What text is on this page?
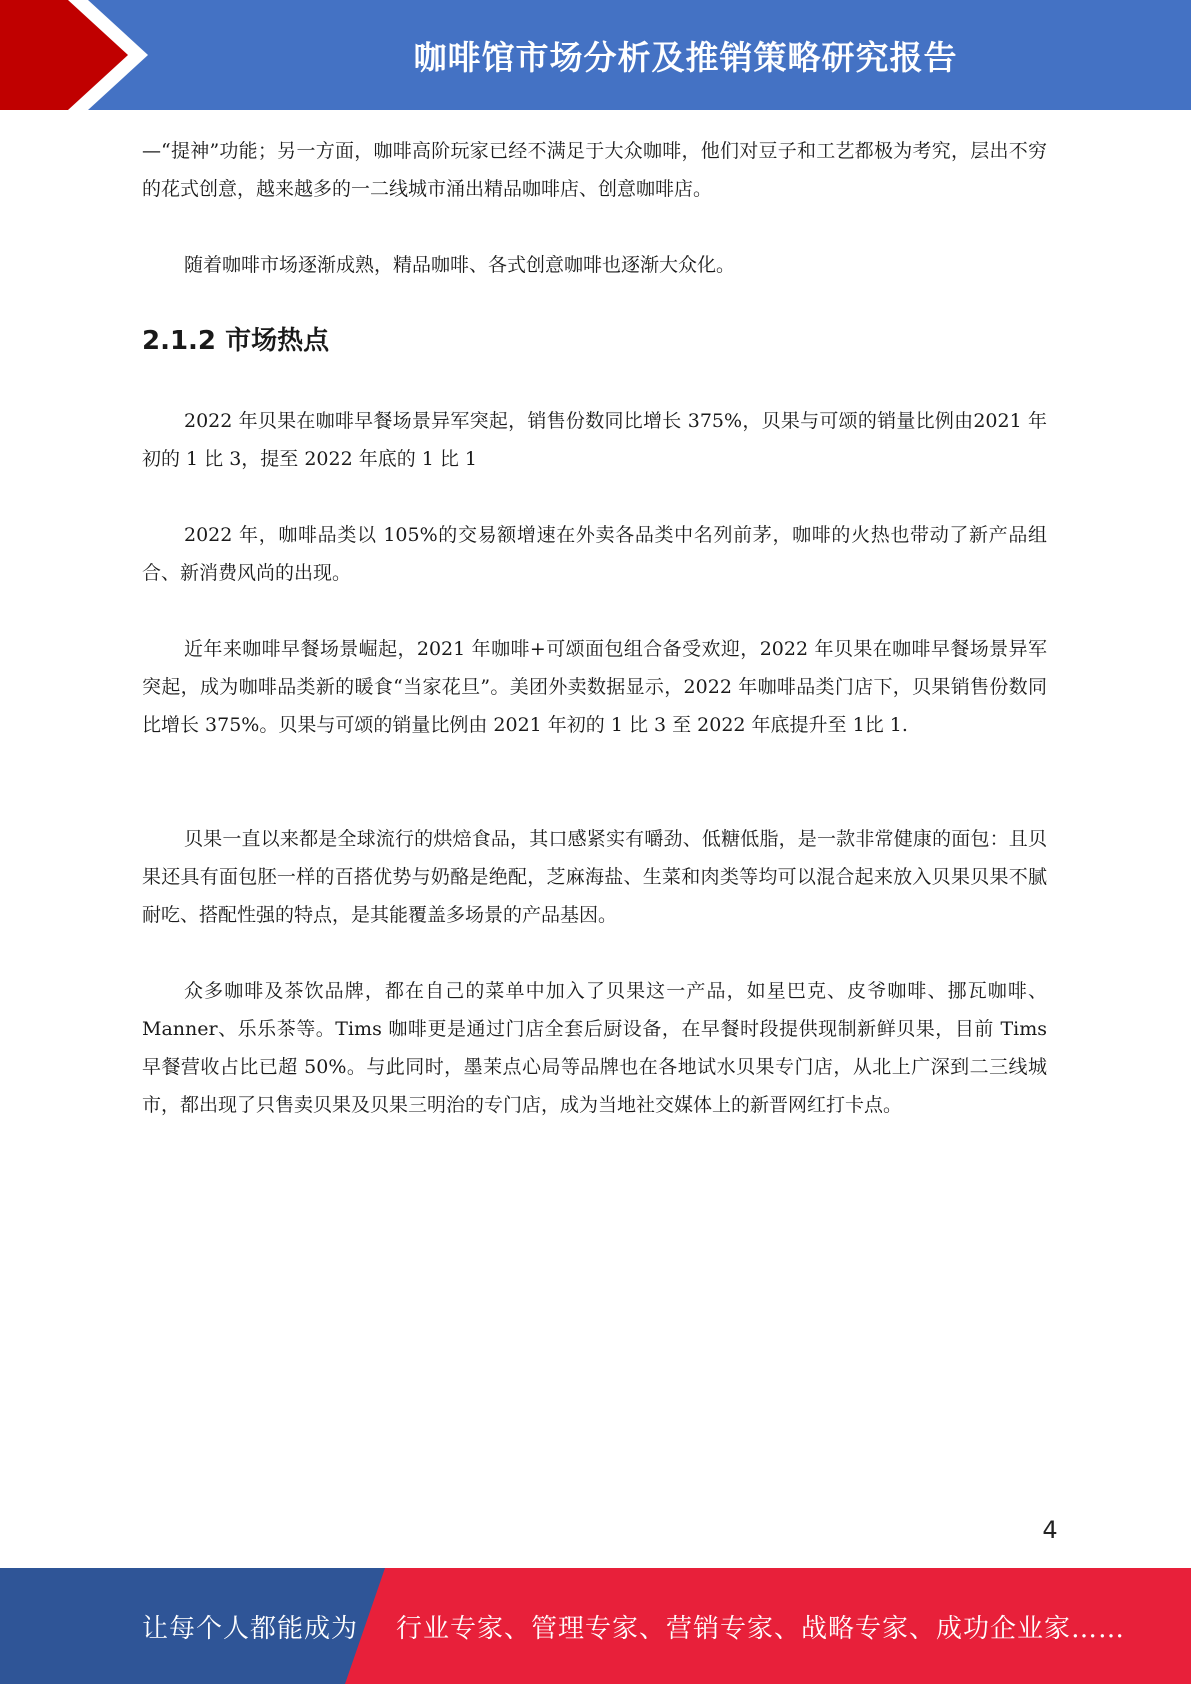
咖啡馆市场分析及推销策略研究报告

—“提神”功能；另一方面，咖啡高阶玩家已经不满足于大众咖啡，他们对豆子和工艺都极为考究，层出不穷的花式创意，越来越多的一二线城市涌出精品咖啡店、创意咖啡店。

随着咖啡市场逐渐成熟，精品咖啡、各式创意咖啡也逐渐大众化。

2.1.2 市场热点

2022 年贝果在咖啡早餐场景异军突起，销售份数同比增长 375%，贝果与可颂的销量比例由2021 年初的 1 比 3，提至 2022 年底的 1 比 1

2022 年，咖啡品类以 105%的交易额增速在外卖各品类中名列前茅，咖啡的火热也带动了新产品组合、新消费风尚的出现。

近年来咖啡早餐场景崛起，2021 年咖啡+可颂面包组合备受欢迎，2022 年贝果在咖啡早餐场景异军突起，成为咖啡品类新的暖食“当家花旦”。美团外卖数据显示，2022 年咖啡品类门店下，贝果销售份数同比增长 375%。贝果与可颂的销量比例由 2021 年初的 1 比 3 至 2022 年底提升至 1比 1.

贝果一直以来都是全球流行的烘焙食品，其口感紧实有嚼劲、低糖低脂，是一款非常健康的面包：且贝果还具有面包胚一样的百搭优势与奶酪是绝配，芝麻海盐、生菜和肉类等均可以混合起来放入贝果贝果不腻耐吃、搭配性强的特点，是其能覆盖多场景的产品基因。

众多咖啡及茶饮品牌，都在自己的菜单中加入了贝果这一产品，如星巴克、皮爷咖啡、挪瓦咖啡、Manner、乐乐茶等。Tims 咖啡更是通过门店全套后厨设备，在早餐时段提供现制新鲜贝果，目前 Tims 早餐营收占比已超 50%。与此同时，墨茉点心局等品牌也在各地试水贝果专门店，从北上广深到二三线城市，都出现了只售卖贝果及贝果三明治的专门店，成为当地社交媒体上的新晋网红打卡点。

4
让每个人都能成为 行业专家、管理专家、营销专家、战略专家、成功企业家……
